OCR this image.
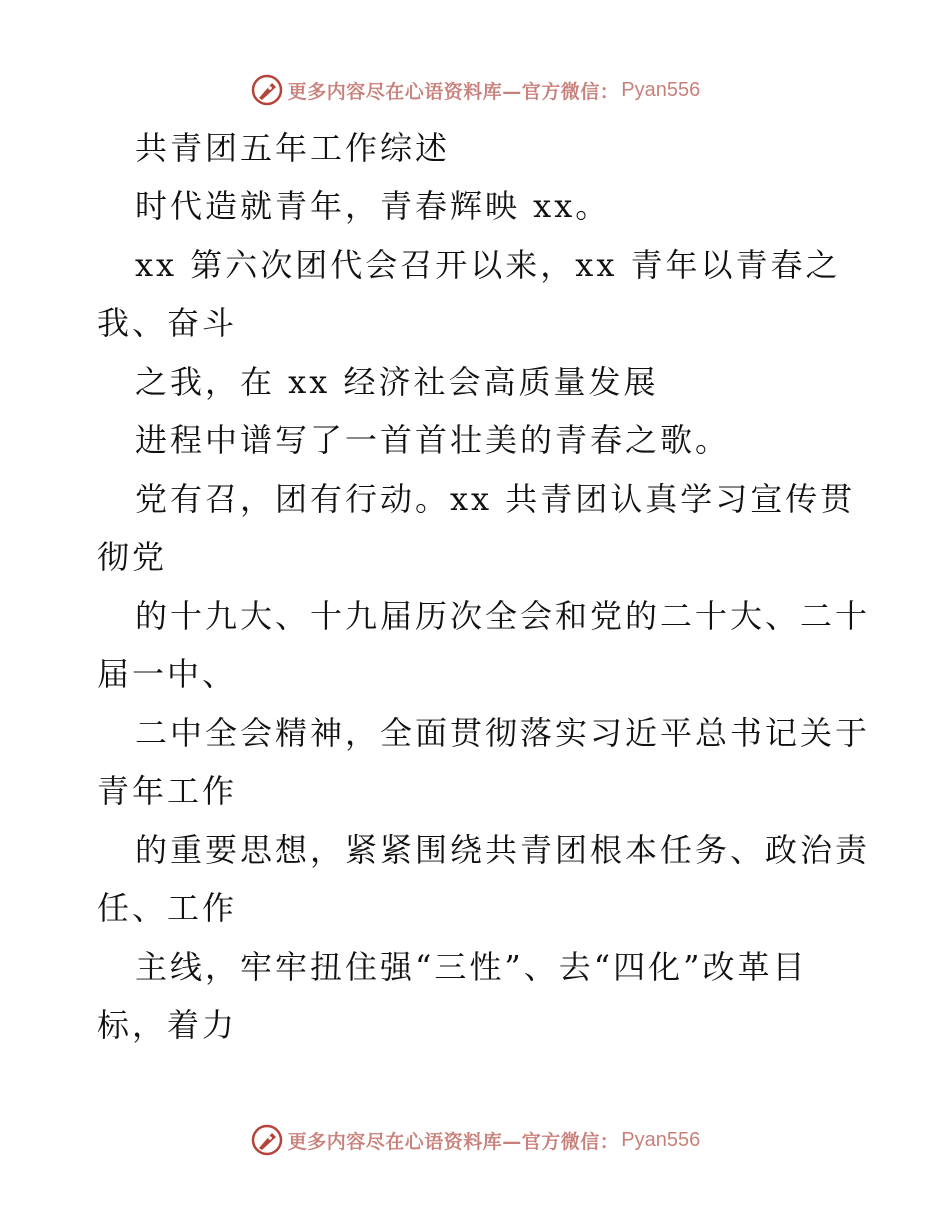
更多内容尽在心语资料库—官方微信： Pyan556
共青团五年工作综述
时代造就青年，青春辉映 xx。
xx 第六次团代会召开以来，xx 青年以青春之
我、奋斗
之我，在 xx 经济社会高质量发展
进程中谱写了一首首壮美的青春之歌。
党有召，团有行动。xx 共青团认真学习宣传贯
彻党
的十九大、十九届历次全会和党的二十大、二十
届一中、
二中全会精神，全面贯彻落实习近平总书记关于
青年工作
的重要思想，紧紧围绕共青团根本任务、政治责
任、工作
主线，牢牢扭住强“三性”、去“四化”改革目
标，着力
更多内容尽在心语资料库—官方微信： Pyan556
